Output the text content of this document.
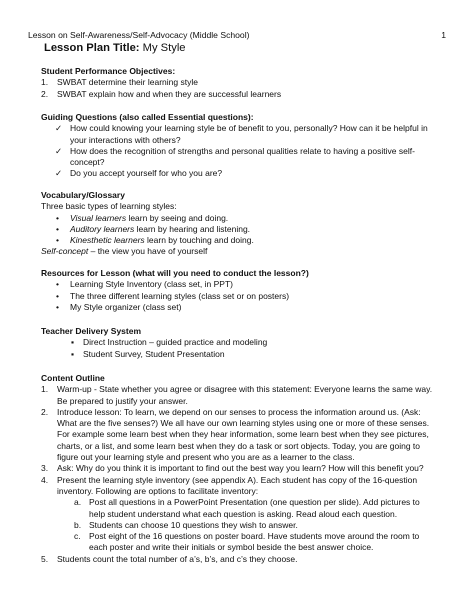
Lesson on Self-Awareness/Self-Advocacy (Middle School)	1
Lesson Plan Title: My Style
Student Performance Objectives:
1. SWBAT determine their learning style
2. SWBAT explain how and when they are successful learners
Guiding Questions (also called Essential questions):
✓ How could knowing your learning style be of benefit to you, personally? How can it be helpful in
your interactions with others?
✓ How does the recognition of strengths and personal qualities relate to having a positive self-
concept?
✓ Do you accept yourself for who you are?
Vocabulary/Glossary
Three basic types of learning styles:
• Visual learners learn by seeing and doing.
• Auditory learners learn by hearing and listening.
• Kinesthetic learners learn by touching and doing.
Self-concept – the view you have of yourself
Resources for Lesson (what will you need to conduct the lesson?)
• Learning Style Inventory (class set, in PPT)
• The three different learning styles (class set or on posters)
• My Style organizer (class set)
Teacher Delivery System
▪ Direct Instruction – guided practice and modeling
▪ Student Survey, Student Presentation
Content Outline
1. Warm-up - State whether you agree or disagree with this statement: Everyone learns the same way.
Be prepared to justify your answer.
2. Introduce lesson: To learn, we depend on our senses to process the information around us. (Ask:
What are the five senses?) We all have our own learning styles using one or more of these senses.
For example some learn best when they hear information, some learn best when they see pictures,
charts, or a list, and some learn best when they do a task or sort objects. Today, you are going to
figure out your learning style and present who you are as a learner to the class.
3. Ask: Why do you think it is important to find out the best way you learn? How will this benefit you?
4. Present the learning style inventory (see appendix A). Each student has copy of the 16-question
inventory. Following are options to facilitate inventory:
a. Post all questions in a PowerPoint Presentation (one question per slide). Add pictures to
help student understand what each question is asking. Read aloud each question.
b. Students can choose 10 questions they wish to answer.
c. Post eight of the 16 questions on poster board. Have students move around the room to
each poster and write their initials or symbol beside the best answer choice.
5. Students count the total number of a’s, b’s, and c’s they choose.
